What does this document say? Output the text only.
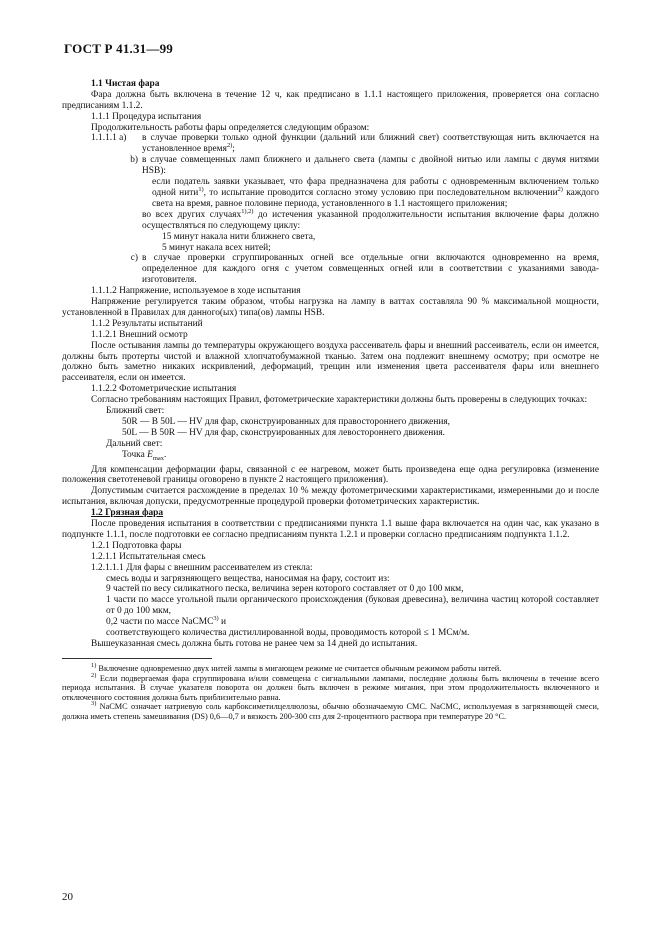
ГОСТ Р 41.31—99

1.1 Чистая фара

Фара должна быть включена в течение 12 ч, как предписано в 1.1.1 настоящего приложения, проверяется она согласно предписаниям 1.1.2.

1.1.1 Процедура испытания

Продолжительность работы фары определяется следующим образом:

1.1.1.1 а)	в случае проверки только одной функции (дальний или ближний свет) соответствующая нить включается на установленное время$^{2)}$;

b) в случае совмещенных ламп ближнего и дальнего света (лампы с двойной нитью или лампы с двумя нитями HSB):

если податель заявки указывает, что фара предназначена для работы с одновременным включением только одной нити$^{1)}$, то испытание проводится согласно этому условию при последовательном включении$^{2)}$ каждого света на время, равное половине периода, установленного в 1.1 настоящего приложения;

во всех других случаях$^{1),2)}$ до истечения указанной продолжительности испытания включение фары должно осуществляться по следующему циклу:

15 минут накала нити ближнего света,

5 минут накала всех нитей;

с) в случае проверки сгруппированных огней все отдельные огни включаются одновременно на время, определенное для каждого огня с учетом совмещенных огней или в соответствии с указаниями завода-изготовителя.

1.1.1.2 Напряжение, используемое в ходе испытания

Напряжение регулируется таким образом, чтобы нагрузка на лампу в ваттах составляла 90 % максимальной мощности, установленной в Правилах для данного(ых) типа(ов) лампы HSB.

1.1.2 Результаты испытаний

1.1.2.1 Внешний осмотр

После остывания лампы до температуры окружающего воздуха рассеиватель фары и внешний рассеиватель, если он имеется, должны быть протерты чистой и влажной хлопчатобумажной тканью. Затем она подлежит внешнему осмотру; при осмотре не должно быть заметно никаких искривлений, деформаций, трещин или изменения цвета рассеивателя фары или внешнего рассеивателя, если он имеется.

1.1.2.2 Фотометрические испытания

Согласно требованиям настоящих Правил, фотометрические характеристики должны быть проверены в следующих точках:

Ближний свет:

50R — B 50L — HV для фар, сконструированных для правостороннего движения,

50L — B 50R — HV для фар, сконструированных для левостороннего движения.

Дальний свет:

Точка $E_{max}$.

Для компенсации деформации фары, связанной с ее нагревом, может быть произведена еще одна регулировка (изменение положения светотеневой границы оговорено в пункте 2 настоящего приложения).

Допустимым считается расхождение в пределах 10 % между фотометрическими характеристиками, измеренными до и после испытания, включая допуски, предусмотренные процедурой проверки фотометрических характеристик.

1.2 Грязная фара

После проведения испытания в соответствии с предписаниями пункта 1.1 выше фара включается на один час, как указано в подпункте 1.1.1, после подготовки ее согласно предписаниям пункта 1.2.1 и проверки согласно предписаниям подпункта 1.1.2.

1.2.1 Подготовка фары

1.2.1.1 Испытательная смесь

1.2.1.1.1 Для фары с внешним рассеивателем из стекла:

смесь воды и загрязняющего вещества, наносимая на фару, состоит из:

9 частей по весу силикатного песка, величина зерен которого составляет от 0 до 100 мкм,

1 части по массе угольной пыли органического происхождения (буковая древесина), величина частиц которой составляет от 0 до 100 мкм,

0,2 части по массе NaCMC$^{3)}$ и

соответствующего количества дистиллированной воды, проводимость которой ≤ 1 МСм/м.

Вышеуказанная смесь должна быть готова не ранее чем за 14 дней до испытания.

$^{1)}$ Включение одновременно двух нитей лампы в мигающем режиме не считается обычным режимом работы нитей.

$^{2)}$ Если подвергаемая фара сгруппирована и/или совмещена с сигнальными лампами, последние должны быть включены в течение всего периода испытания. В случае указателя поворота он должен быть включен в режиме мигания, при этом продолжительность включенного и отключенного состояния должна быть приблизительно равна.

$^{3)}$ NaCMC означает натриевую соль карбоксиметилцеллюлозы, обычно обозначаемую CMC. NaCMC, используемая в загрязняющей смеси, должна иметь степень замешивания (DS) 0,6—0,7 и вязкость 200-300 спз для 2-процентного раствора при температуре 20 °С.

20
